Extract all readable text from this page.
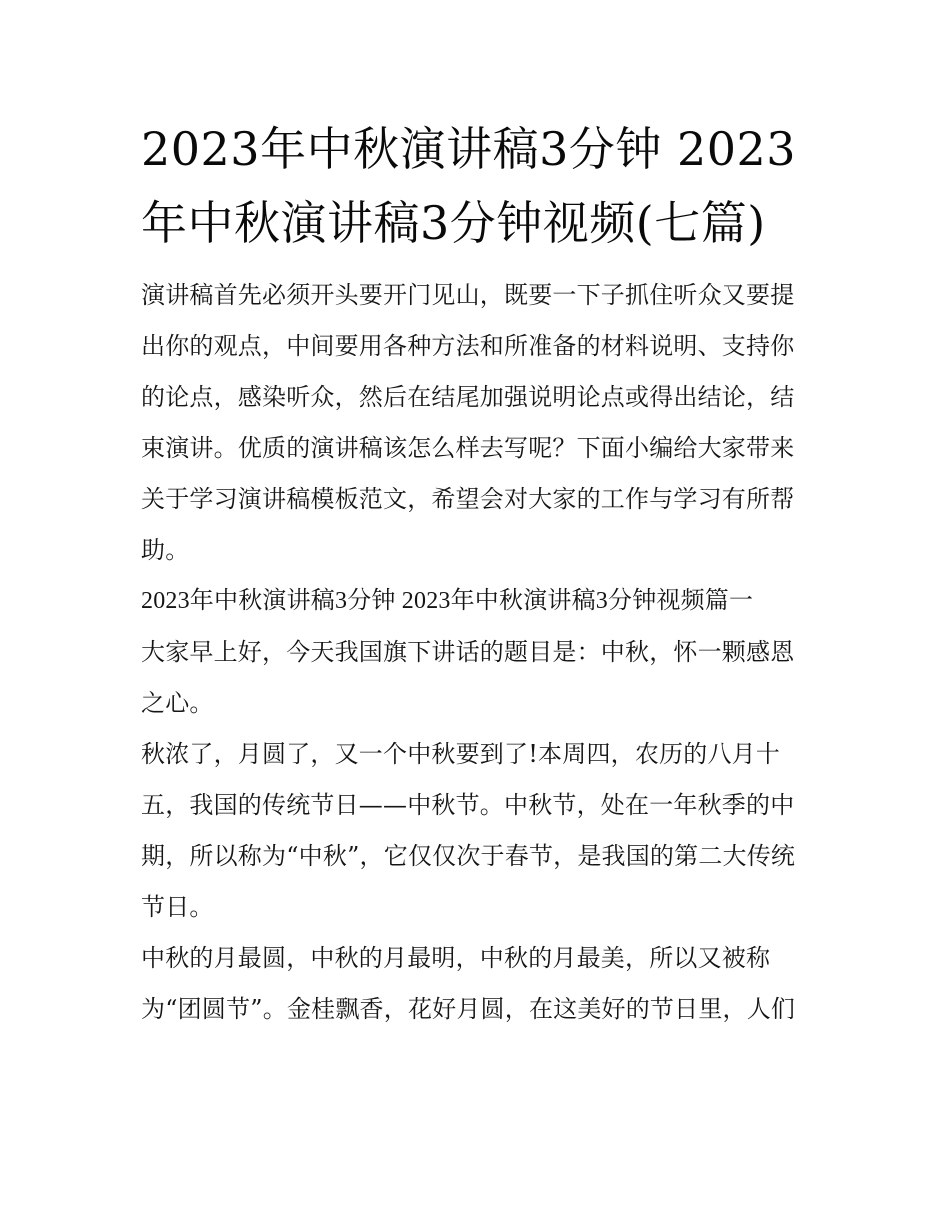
2023年中秋演讲稿3分钟 2023年中秋演讲稿3分钟视频(七篇)

演讲稿首先必须开头要开门见山，既要一下子抓住听众又要提出你的观点，中间要用各种方法和所准备的材料说明、支持你的论点，感染听众，然后在结尾加强说明论点或得出结论，结束演讲。优质的演讲稿该怎么样去写呢？下面小编给大家带来关于学习演讲稿模板范文，希望会对大家的工作与学习有所帮助。

2023年中秋演讲稿3分钟 2023年中秋演讲稿3分钟视频篇一

大家早上好，今天我国旗下讲话的题目是：中秋，怀一颗感恩之心。

秋浓了，月圆了，又一个中秋要到了!本周四，农历的八月十五，我国的传统节日——中秋节。中秋节，处在一年秋季的中期，所以称为“中秋”，它仅仅次于春节，是我国的第二大传统节日。

中秋的月最圆，中秋的月最明，中秋的月最美，所以又被称为“团圆节”。金桂飘香，花好月圆，在这美好的节日里，人们
